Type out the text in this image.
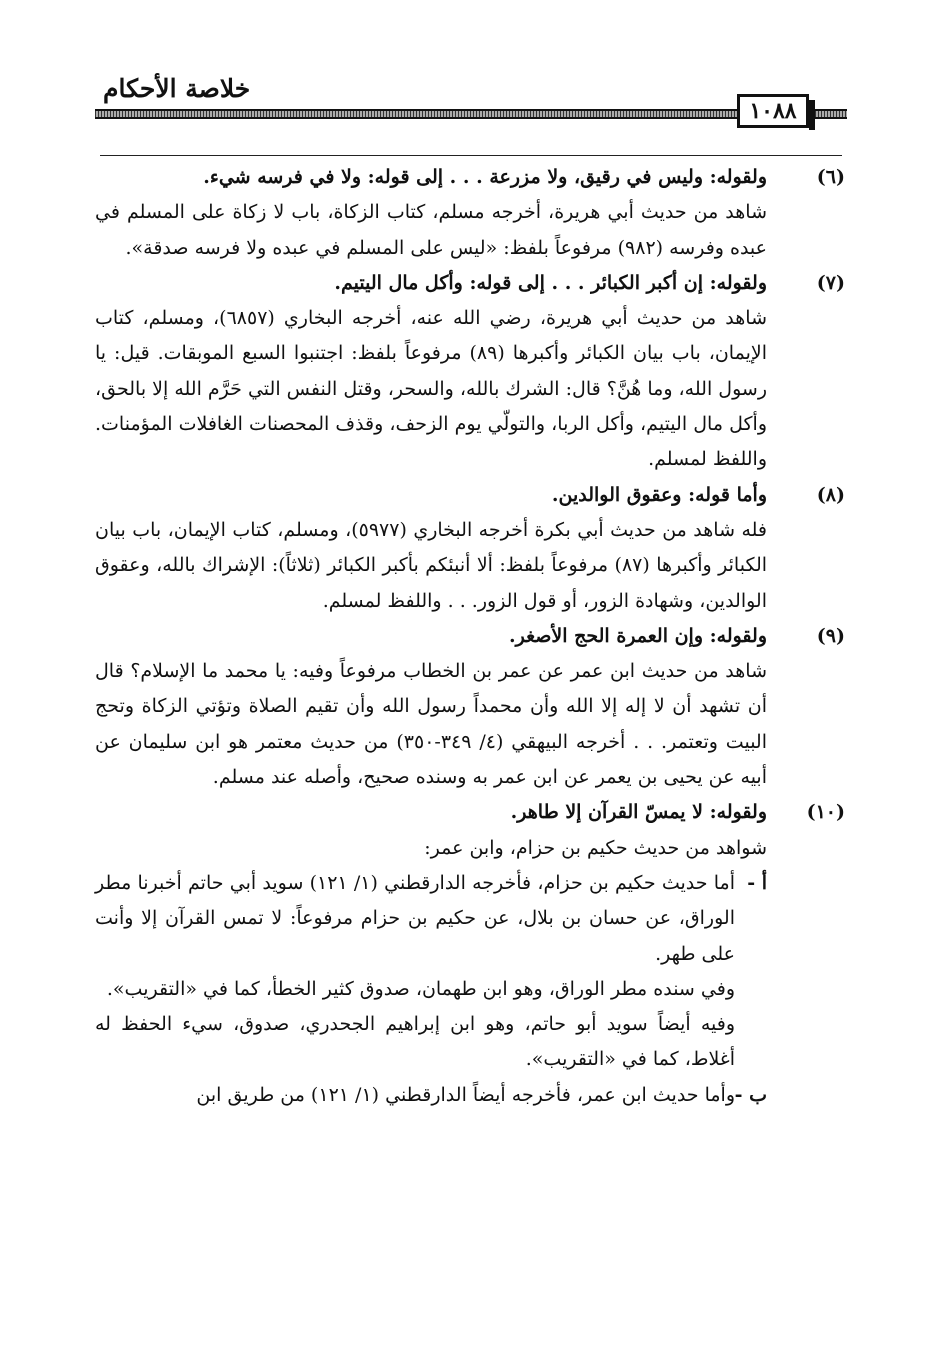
خلاصة الأحكام
١٠٨٨
(٦)

ولقوله: وليس في رقيق، ولا مزرعة . . . إلى قوله: ولا في فرسه شيء.

شاهد من حديث أبي هريرة، أخرجه مسلم، كتاب الزكاة، باب لا زكاة على المسلم في عبده وفرسه (٩٨٢) مرفوعاً بلفظ: «ليس على المسلم في عبده ولا فرسه صدقة».

(٧)

ولقوله: إن أكبر الكبائر . . . إلى قوله: وأكل مال اليتيم.

شاهد من حديث أبي هريرة، رضي الله عنه، أخرجه البخاري (٦٨٥٧)، ومسلم، كتاب الإيمان، باب بيان الكبائر وأكبرها (٨٩) مرفوعاً بلفظ: اجتنبوا السبع الموبقات. قيل: يا رسول الله، وما هُنَّ؟ قال: الشرك بالله، والسحر، وقتل النفس التي حَرَّم الله إلا بالحق، وأكل مال اليتيم، وأكل الربا، والتولّي يوم الزحف، وقذف المحصنات الغافلات المؤمنات. واللفظ لمسلم.

(٨)

وأما قوله: وعقوق الوالدين.

فله شاهد من حديث أبي بكرة أخرجه البخاري (٥٩٧٧)، ومسلم، كتاب الإيمان، باب بيان الكبائر وأكبرها (٨٧) مرفوعاً بلفظ: ألا أنبئكم بأكبر الكبائر (ثلاثاً): الإشراك بالله، وعقوق الوالدين، وشهادة الزور، أو قول الزور. . . واللفظ لمسلم.

(٩)

ولقوله: وإن العمرة الحج الأصغر.

شاهد من حديث ابن عمر عن عمر بن الخطاب مرفوعاً وفيه: يا محمد ما الإسلام؟ قال أن تشهد أن لا إله إلا الله وأن محمداً رسول الله وأن تقيم الصلاة وتؤتي الزكاة وتحج البيت وتعتمر. . . أخرجه البيهقي (٤/ ٣٤٩-٣٥٠) من حديث معتمر هو ابن سليمان عن أبيه عن يحيى بن يعمر عن ابن عمر به وسنده صحيح، وأصله عند مسلم.

(١٠)

ولقوله: لا يمسّ القرآن إلا طاهر.

شواهد من حديث حكيم بن حزام، وابن عمر:

أ -
أما حديث حكيم بن حزام، فأخرجه الدارقطني (١/ ١٢١) سويد أبي حاتم أخبرنا مطر الوراق، عن حسان بن بلال، عن حكيم بن حزام مرفوعاً: لا تمس القرآن إلا وأنت على طهر.

وفي سنده مطر الوراق، وهو ابن طهمان، صدوق كثير الخطأ، كما في «التقريب».

وفيه أيضاً سويد أبو حاتم، وهو ابن إبراهيم الجحدري، صدوق، سيء الحفظ له أغلاط، كما في «التقريب».

ب -
وأما حديث ابن عمر، فأخرجه أيضاً الدارقطني (١/ ١٢١) من طريق ابن
